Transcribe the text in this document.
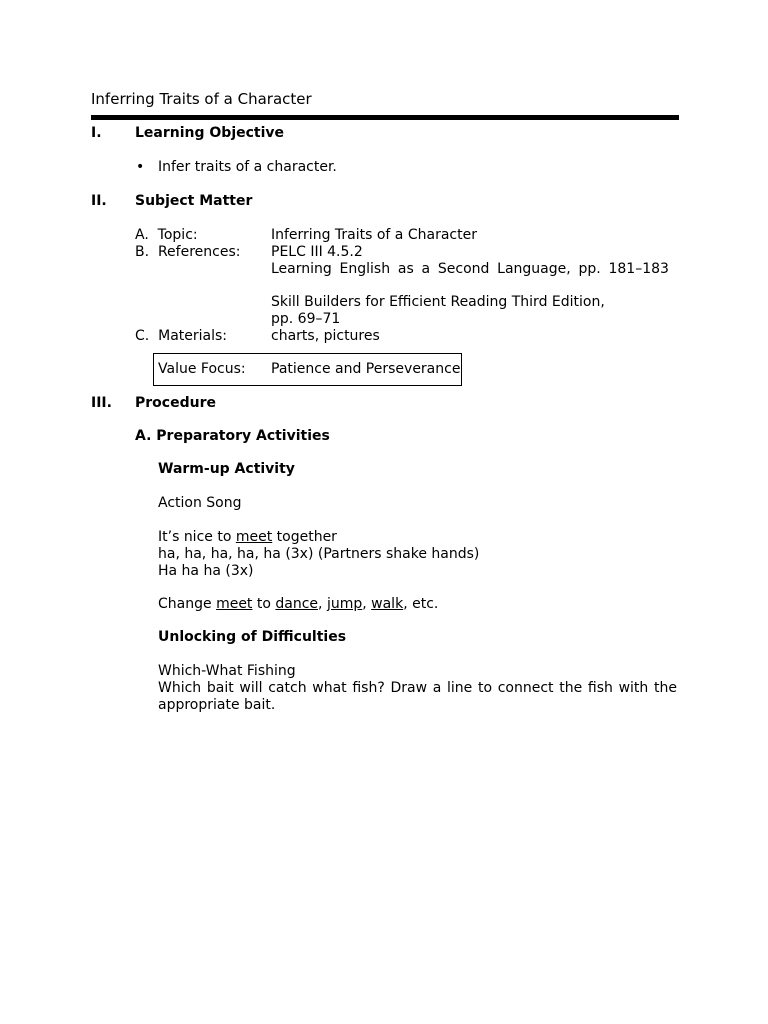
Inferring Traits of a Character
I. Learning Objective
• Infer traits of a character.
II. Subject Matter
A.  Topic:	Inferring Traits of a Character
B.  References: PELC III 4.5.2
Learning English as a Second Language, pp. 181–183
Skill Builders for Efficient Reading Third Edition,
pp. 69–71
C.  Materials:	charts, pictures
Value Focus: Patience and Perseverance
III. Procedure
A. Preparatory Activities
Warm-up Activity
Action Song
It’s nice to meet together
ha, ha, ha, ha, ha (3x) (Partners shake hands)
Ha ha ha (3x)
Change meet to dance, jump, walk, etc.
Unlocking of Difficulties
Which-What Fishing
Which bait will catch what fish? Draw a line to connect the fish with the
appropriate bait.
